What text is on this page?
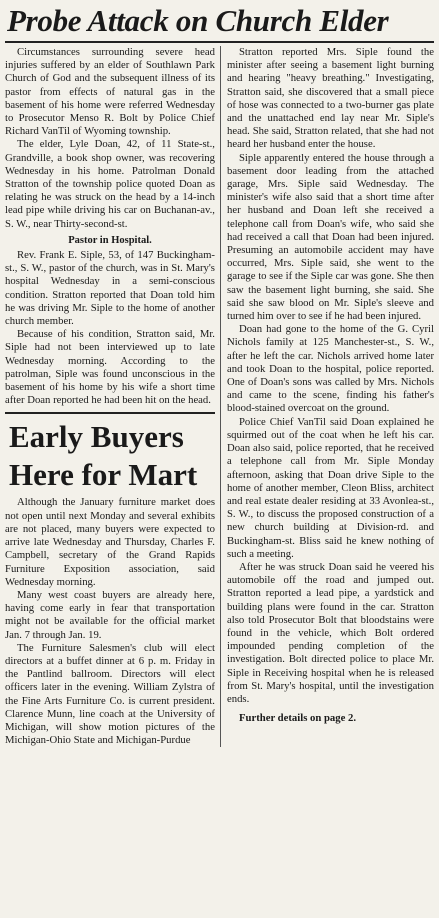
Probe Attack on Church Elder

Circumstances surrounding severe head injuries suffered by an elder of Southlawn Park Church of God and the subsequent illness of its pastor from effects of natural gas in the basement of his home were referred Wednesday to Prosecutor Menso R. Bolt by Police Chief Richard VanTil of Wyoming township.

The elder, Lyle Doan, 42, of 11 State-st., Grandville, a book shop owner, was recovering Wednesday in his home. Patrolman Donald Stratton of the township police quoted Doan as relating he was struck on the head by a 14-inch lead pipe while driving his car on Buchanan-av., S. W., near Thirty-second-st.

Pastor in Hospital.

Rev. Frank E. Siple, 53, of 147 Buckingham-st., S. W., pastor of the church, was in St. Mary's hospital Wednesday in a semi-conscious condition. Stratton reported that Doan told him he was driving Mr. Siple to the home of another church member.

Because of his condition, Stratton said, Mr. Siple had not been interviewed up to late Wednesday morning. According to the patrolman, Siple was found unconscious in the basement of his home by his wife a short time after Doan reported he had been hit on the head.

Early Buyers
Here for Mart

Although the January furniture market does not open until next Monday and several exhibits are not placed, many buyers were expected to arrive late Wednesday and Thursday, Charles F. Campbell, secretary of the Grand Rapids Furniture Exposition association, said Wednesday morning.

Many west coast buyers are already here, having come early in fear that transportation might not be available for the official market Jan. 7 through Jan. 19.

The Furniture Salesmen's club will elect directors at a buffet dinner at 6 p. m. Friday in the Pantlind ballroom. Directors will elect officers later in the evening. William Zylstra of the Fine Arts Furniture Co. is current president. Clarence Munn, line coach at the University of Michigan, will show motion pictures of the Michigan-Ohio State and Michigan-Purdue

Stratton reported Mrs. Siple found the minister after seeing a basement light burning and hearing "heavy breathing." Investigating, Stratton said, she discovered that a small piece of hose was connected to a two-burner gas plate and the unattached end lay near Mr. Siple's head. She said, Stratton related, that she had not heard her husband enter the house.

Siple apparently entered the house through a basement door leading from the attached garage, Mrs. Siple said Wednesday. The minister's wife also said that a short time after her husband and Doan left she received a telephone call from Doan's wife, who said she had received a call that Doan had been injured. Presuming an automobile accident may have occurred, Mrs. Siple said, she went to the garage to see if the Siple car was gone. She then saw the basement light burning, she said. She said she saw blood on Mr. Siple's sleeve and turned him over to see if he had been injured.

Doan had gone to the home of the G. Cyril Nichols family at 125 Manchester-st., S. W., after he left the car. Nichols arrived home later and took Doan to the hospital, police reported. One of Doan's sons was called by Mrs. Nichols and came to the scene, finding his father's blood-stained overcoat on the ground.

Police Chief VanTil said Doan explained he squirmed out of the coat when he left his car. Doan also said, police reported, that he received a telephone call from Mr. Siple Monday afternoon, asking that Doan drive Siple to the home of another member, Cleon Bliss, architect and real estate dealer residing at 33 Avonlea-st., S. W., to discuss the proposed construction of a new church building at Division-rd. and Buckingham-st. Bliss said he knew nothing of such a meeting.

After he was struck Doan said he veered his automobile off the road and jumped out. Stratton reported a lead pipe, a yardstick and building plans were found in the car. Stratton also told Prosecutor Bolt that bloodstains were found in the vehicle, which Bolt ordered impounded pending completion of the investigation. Bolt directed police to place Mr. Siple in Receiving hospital when he is released from St. Mary's hospital, until the investigation ends.

Further details on page 2.
